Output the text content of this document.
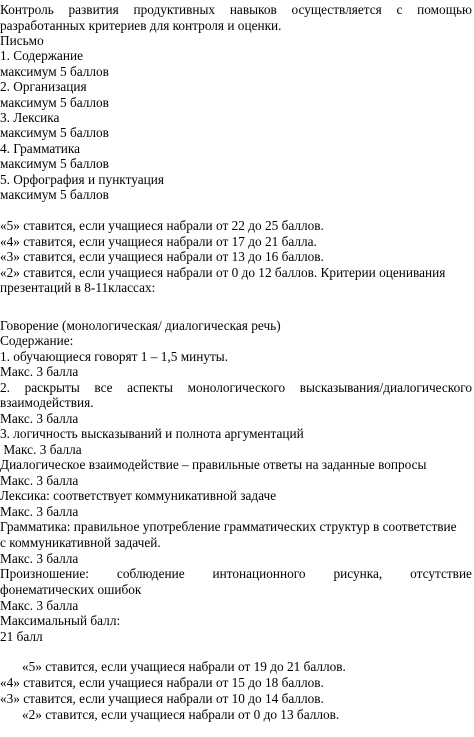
Контроль развития продуктивных навыков осуществляется с помощью
разработанных критериев для контроля и оценки.
Письмо
1. Содержание
максимум 5 баллов
2. Организация
максимум 5 баллов
3. Лексика
максимум 5 баллов
4. Грамматика
максимум 5 баллов
5. Орфография и пунктуация
максимум 5 баллов
«5» ставится, если учащиеся набрали от 22 до 25 баллов.
«4» ставится, если учащиеся набрали от 17 до 21 балла.
«3» ставится, если учащиеся набрали от 13 до 16 баллов.
«2» ставится, если учащиеся набрали от 0 до 12 баллов. Критерии оценивания
презентаций в 8-11классах:
Говорение (монологическая/ диалогическая речь)
Содержание:
1. обучающиеся говорят 1 – 1,5 минуты.
Макс. 3 балла
2. раскрыты все аспекты монологического высказывания/диалогического
взаимодействия.
Макс. 3 балла
3. логичность высказываний и полнота аргументаций
Макс. 3 балла
Диалогическое взаимодействие – правильные ответы на заданные вопросы
Макс. 3 балла
Лексика: соответствует коммуникативной задаче
Макс. 3 балла
Грамматика: правильное употребление грамматических структур в соответствие
с коммуникативной задачей.
Макс. 3 балла
Произношение: соблюдение интонационного рисунка, отсутствие
фонематических ошибок
Макс. 3 балла
Максимальный балл:
21 балл
«5» ставится, если учащиеся набрали от 19 до 21 баллов.
«4» ставится, если учащиеся набрали от 15 до 18 баллов.
«3» ставится, если учащиеся набрали от 10 до 14 баллов.
«2» ставится, если учащиеся набрали от 0 до 13 баллов.
